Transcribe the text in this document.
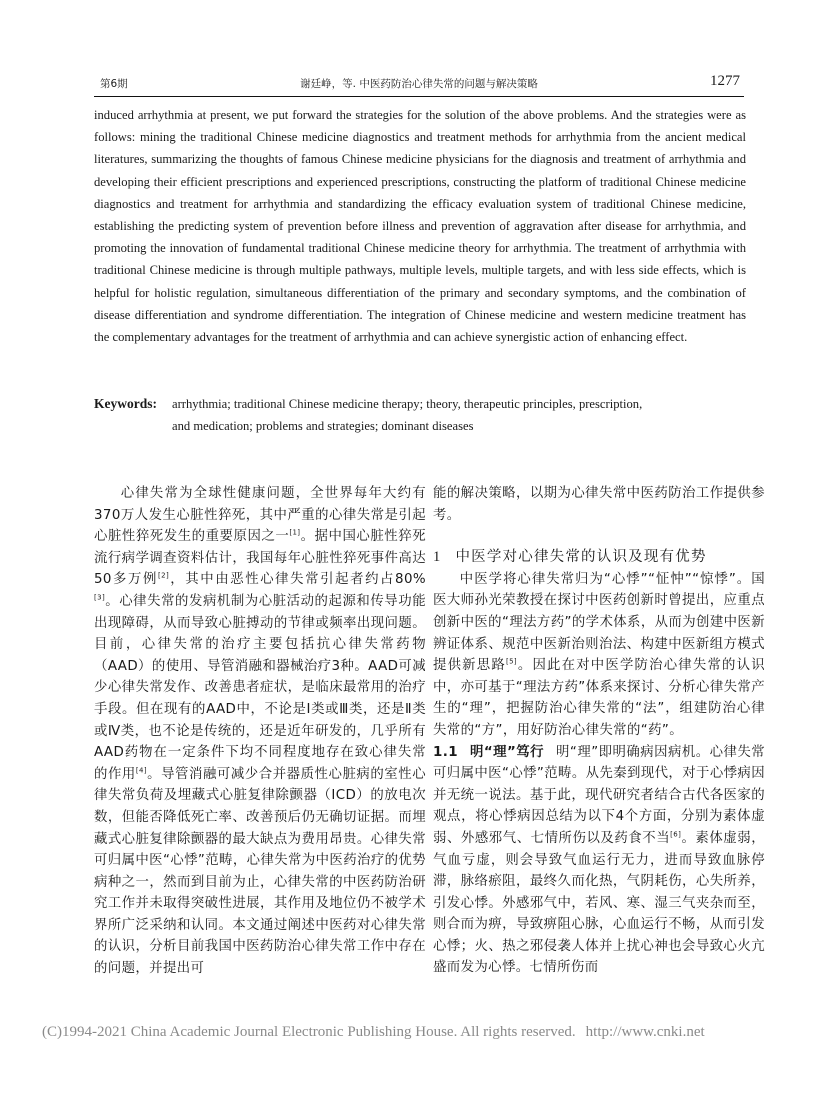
第6期	谢廷峥，等. 中医药防治心律失常的问题与解决策略	1277

induced arrhythmia at present, we put forward the strategies for the solution of the above problems. And the strategies were as follows: mining the traditional Chinese medicine diagnostics and treatment methods for arrhythmia from the ancient medical literatures, summarizing the thoughts of famous Chinese medicine physicians for the diagnosis and treatment of arrhythmia and developing their efficient prescriptions and experienced prescriptions, constructing the platform of traditional Chinese medicine diagnostics and treatment for arrhythmia and standardizing the efficacy evaluation system of traditional Chinese medicine, establishing the predicting system of prevention before illness and prevention of aggravation after disease for arrhythmia, and promoting the innovation of fundamental traditional Chinese medicine theory for arrhythmia. The treatment of arrhythmia with traditional Chinese medicine is through multiple pathways, multiple levels, multiple targets, and with less side effects, which is helpful for holistic regulation, simultaneous differentiation of the primary and secondary symptoms, and the combination of disease differentiation and syndrome differentiation. The integration of Chinese medicine and western medicine treatment has the complementary advantages for the treatment of arrhythmia and can achieve synergistic action of enhancing effect.

Keywords: arrhythmia; traditional Chinese medicine therapy; theory, therapeutic principles, prescription,
and medication; problems and strategies; dominant diseases

心律失常为全球性健康问题，全世界每年大约有370万人发生心脏性猝死，其中严重的心律失常是引起心脏性猝死发生的重要原因之一[1]。据中国心脏性猝死流行病学调查资料估计，我国每年心脏性猝死事件高达50多万例[2]，其中由恶性心律失常引起者约占80%[3]。心律失常的发病机制为心脏活动的起源和传导功能出现障碍，从而导致心脏搏动的节律或频率出现问题。目前，心律失常的治疗主要包括抗心律失常药物（AAD）的使用、导管消融和器械治疗3种。AAD可减少心律失常发作、改善患者症状，是临床最常用的治疗手段。但在现有的AAD中，不论是Ⅰ类或Ⅲ类，还是Ⅱ类或Ⅳ类，也不论是传统的，还是近年研发的，几乎所有AAD药物在一定条件下均不同程度地存在致心律失常的作用[4]。导管消融可减少合并器质性心脏病的室性心律失常负荷及埋藏式心脏复律除颤器（ICD）的放电次数，但能否降低死亡率、改善预后仍无确切证据。而埋藏式心脏复律除颤器的最大缺点为费用昂贵。心律失常可归属中医“心悸”范畴，心律失常为中医药治疗的优势病种之一，然而到目前为止，心律失常的中医药防治研究工作并未取得突破性进展，其作用及地位仍不被学术界所广泛采纳和认同。本文通过阐述中医药对心律失常的认识，分析目前我国中医药防治心律失常工作中存在的问题，并提出可

能的解决策略，以期为心律失常中医药防治工作提供参考。

1 中医学对心律失常的认识及现有优势

中医学将心律失常归为“心悸”“怔忡”“惊悸”。国医大师孙光荣教授在探讨中医药创新时曾提出，应重点创新中医的“理法方药”的学术体系，从而为创建中医新辨证体系、规范中医新治则治法、构建中医新组方模式提供新思路[5]。因此在对中医学防治心律失常的认识中，亦可基于“理法方药”体系来探讨、分析心律失常产生的“理”，把握防治心律失常的“法”，组建防治心律失常的“方”，用好防治心律失常的“药”。

1.1 明“理”笃行 明“理”即明确病因病机。心律失常可归属中医“心悸”范畴。从先秦到现代，对于心悸病因并无统一说法。基于此，现代研究者结合古代各医家的观点，将心悸病因总结为以下4个方面，分别为素体虚弱、外感邪气、七情所伤以及药食不当[6]。素体虚弱，气血亏虚，则会导致气血运行无力，进而导致血脉停滞，脉络瘀阻，最终久而化热，气阴耗伤，心失所养，引发心悸。外感邪气中，若风、寒、湿三气夹杂而至，则合而为痹，导致痹阻心脉，心血运行不畅，从而引发心悸；火、热之邪侵袭人体并上扰心神也会导致心火亢盛而发为心悸。七情所伤而

(C)1994-2021 China Academic Journal Electronic Publishing House. All rights reserved. http://www.cnki.net
